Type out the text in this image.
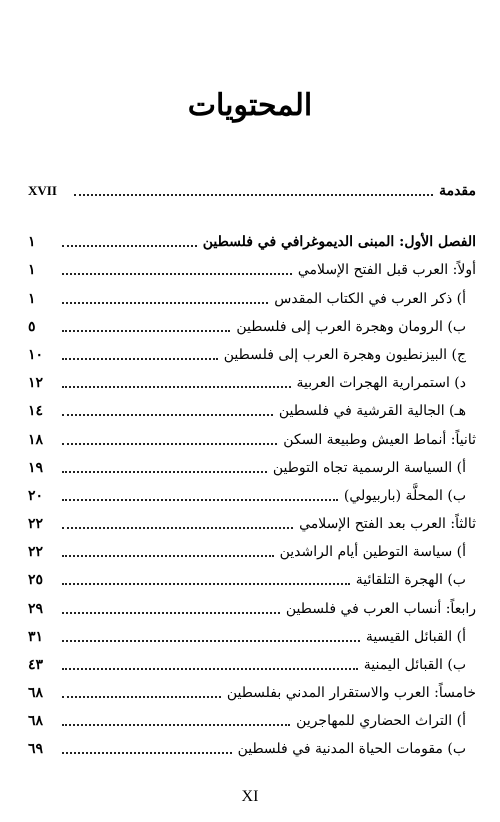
المحتويات
مقدمة
XVII
الفصل الأول: المبنى الديموغرافي في فلسطين
١
أولاً: العرب قبل الفتح الإسلامي
١
أ) ذكر العرب في الكتاب المقدس
١
ب) الرومان وهجرة العرب إلى فلسطين
٥
ج) البيزنطيون وهجرة العرب إلى فلسطين
١٠
د) استمرارية الهجرات العربية
١٢
هـ) الجالية القرشية في فلسطين
١٤
ثانياً: أنماط العيش وطبيعة السكن
١٨
أ) السياسة الرسمية تجاه التوطين
١٩
ب) المحلَّة (باربيولي)
٢٠
ثالثاً: العرب بعد الفتح الإسلامي
٢٢
أ) سياسة التوطين أيام الراشدين
٢٢
ب) الهجرة التلقائية
٢٥
رابعاً: أنساب العرب في فلسطين
٢٩
أ) القبائل القيسية
٣١
ب) القبائل اليمنية
٤٣
خامساً: العرب والاستقرار المدني بفلسطين
٦٨
أ) التراث الحضاري للمهاجرين
٦٨
ب) مقومات الحياة المدنية في فلسطين
٦٩
XI
